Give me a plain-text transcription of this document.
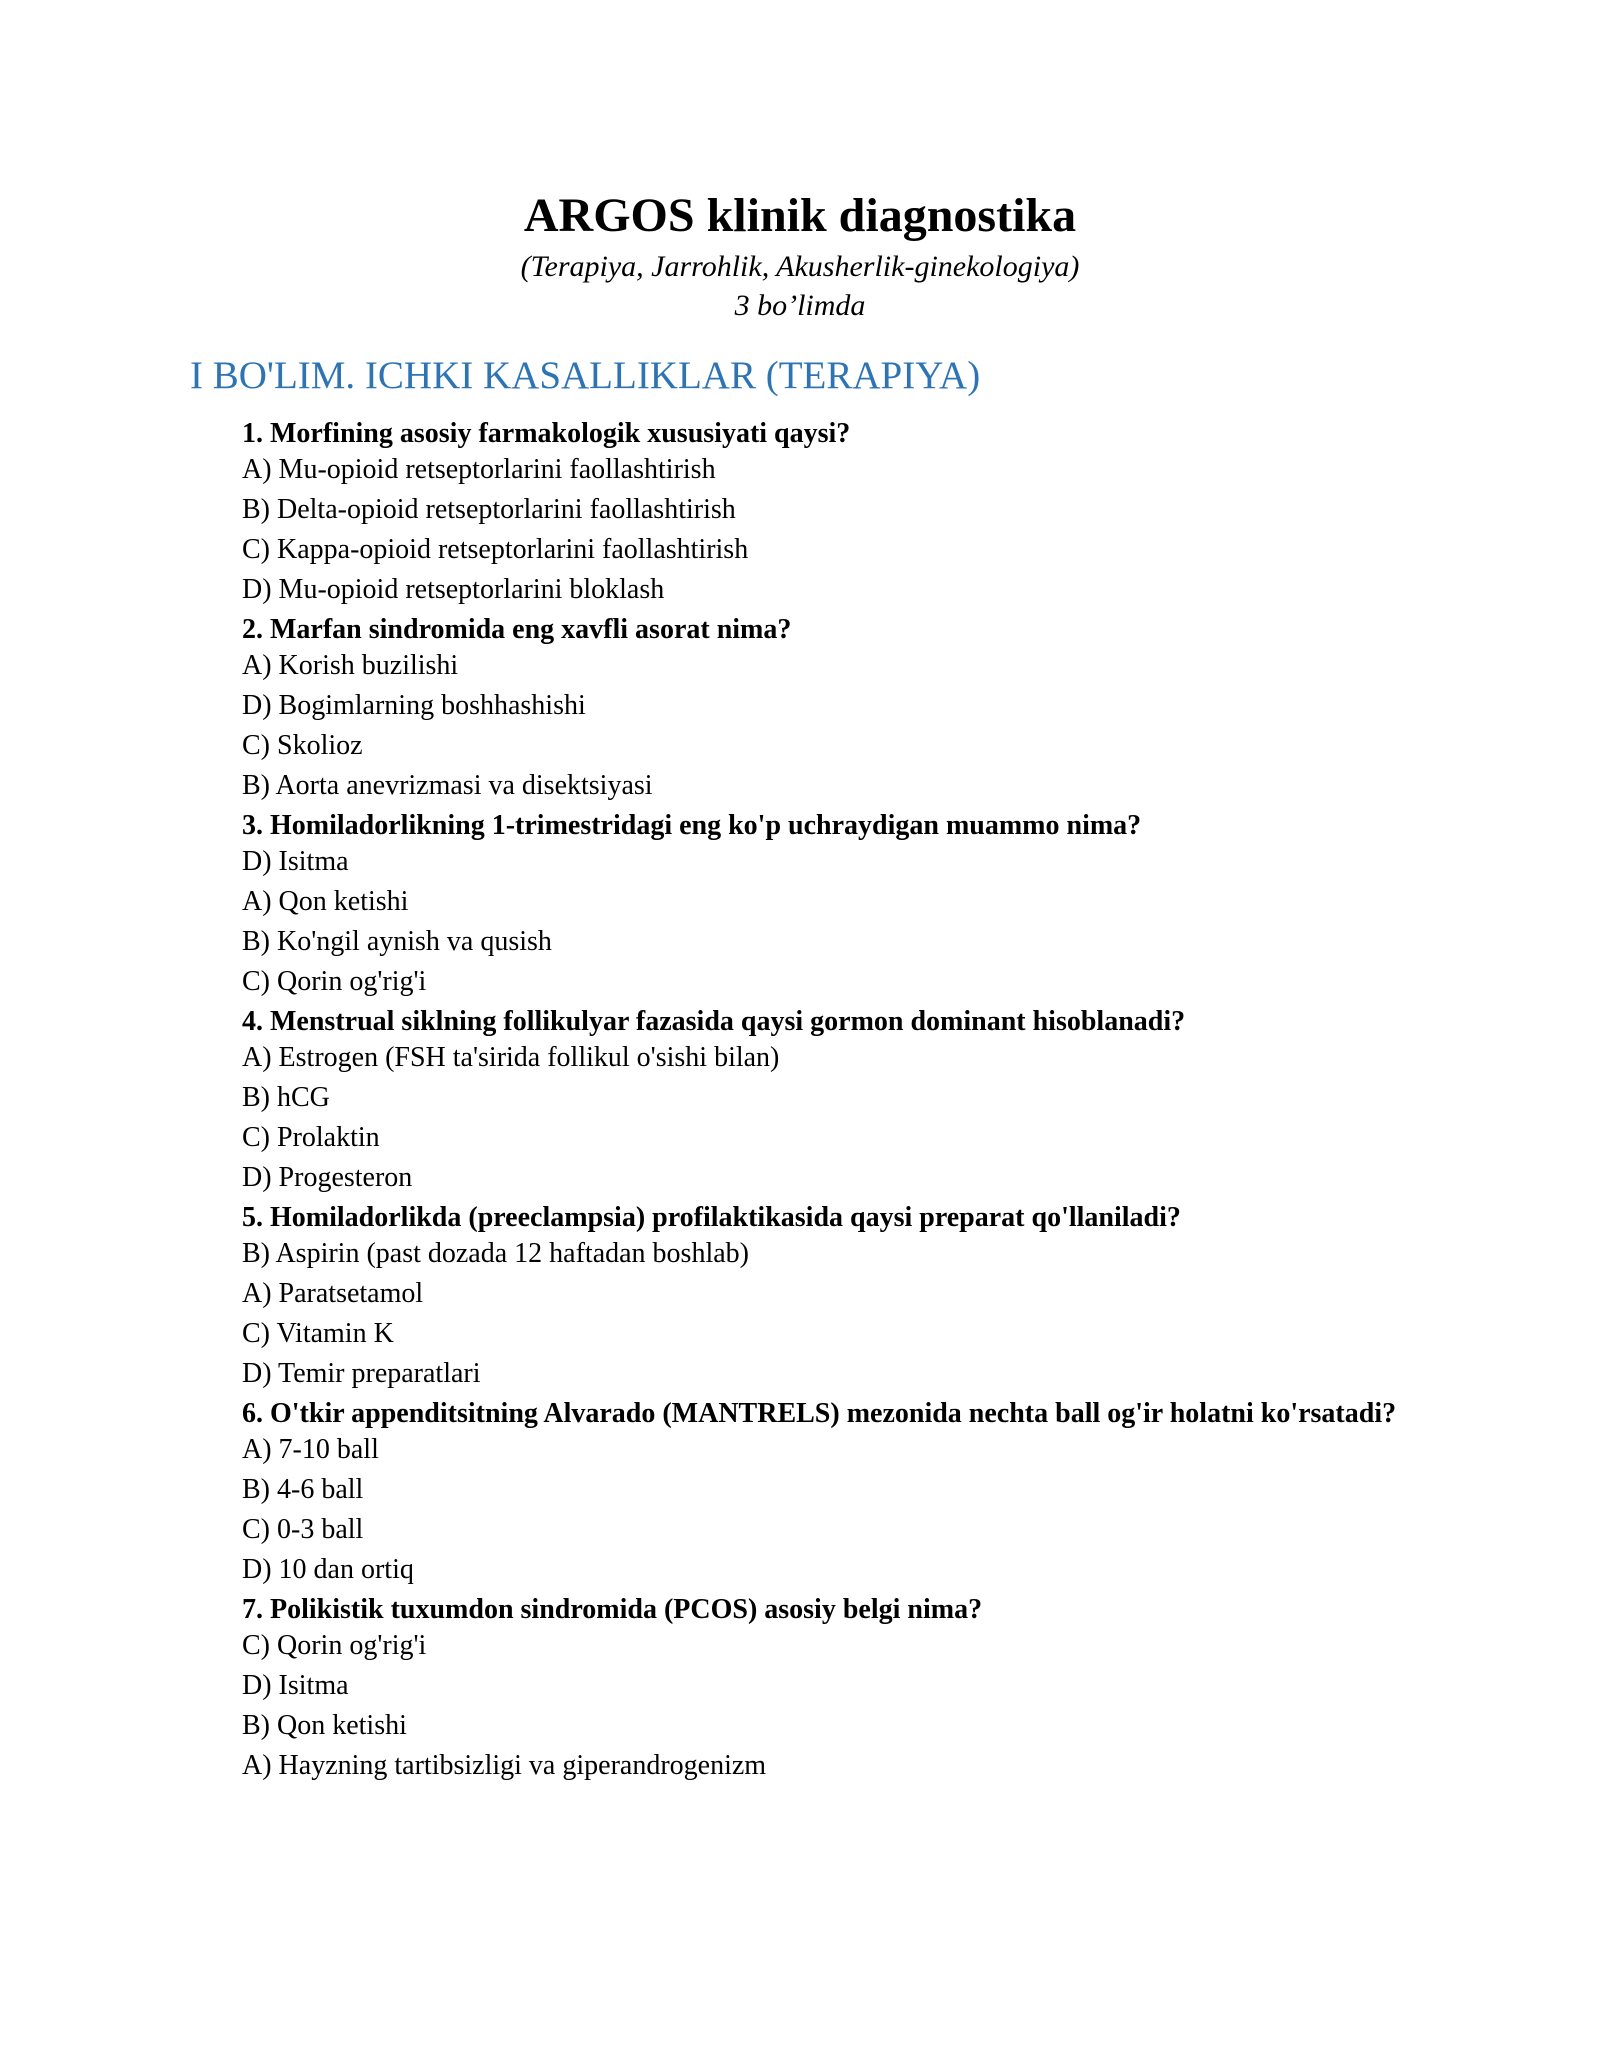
ARGOS klinik diagnostika

(Terapiya, Jarrohlik, Akusherlik-ginekologiya)

3 bo’limda

I BO'LIM. ICHKI KASALLIKLAR (TERAPIYA)

1. Morfining asosiy farmakologik xususiyati qaysi?

A) Mu-opioid retseptorlarini faollashtirish

B) Delta-opioid retseptorlarini faollashtirish

C) Kappa-opioid retseptorlarini faollashtirish

D) Mu-opioid retseptorlarini bloklash

2. Marfan sindromida eng xavfli asorat nima?

A) Korish buzilishi

D) Bogimlarning boshhashishi

C) Skolioz

B) Aorta anevrizmasi va disektsiyasi

3. Homiladorlikning 1-trimestridagi eng ko'p uchraydigan muammo nima?

D) Isitma

A) Qon ketishi

B) Ko'ngil aynish va qusish

C) Qorin og'rig'i

4. Menstrual siklning follikulyar fazasida qaysi gormon dominant hisoblanadi?

A) Estrogen (FSH ta'sirida follikul o'sishi bilan)

B) hCG

C) Prolaktin

D) Progesteron

5. Homiladorlikda (preeclampsia) profilaktikasida qaysi preparat qo'llaniladi?

B) Aspirin (past dozada 12 haftadan boshlab)

A) Paratsetamol

C) Vitamin K

D) Temir preparatlari

6. O'tkir appenditsitning Alvarado (MANTRELS) mezonida nechta ball og'ir holatni ko'rsatadi?

A) 7-10 ball

B) 4-6 ball

C) 0-3 ball

D) 10 dan ortiq

7. Polikistik tuxumdon sindromida (PCOS) asosiy belgi nima?

C) Qorin og'rig'i

D) Isitma

B) Qon ketishi

A) Hayzning tartibsizligi va giperandrogenizm
